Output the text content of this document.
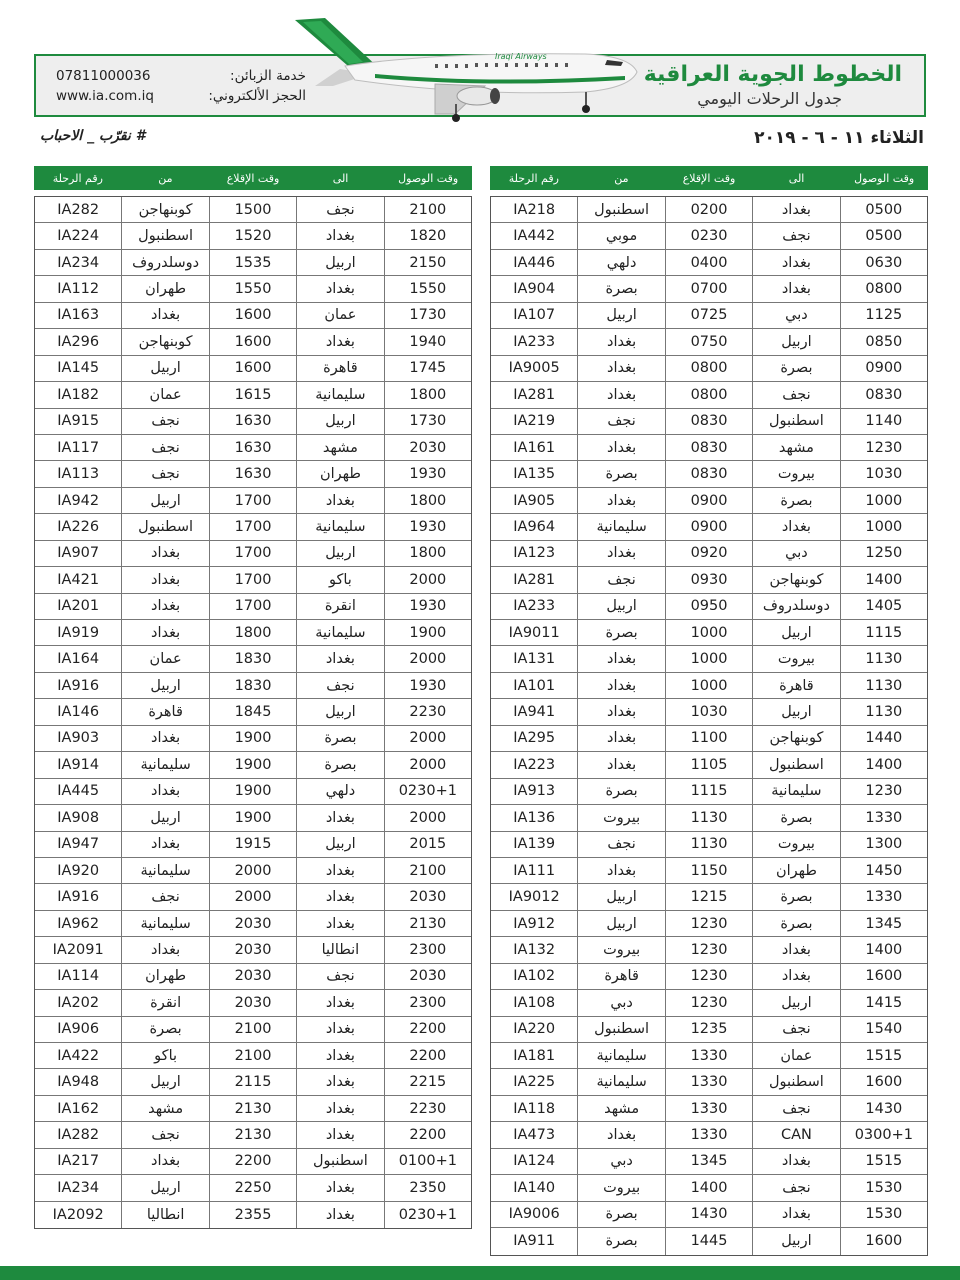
07811000036	خدمة الزبائن:
www.ia.com.iq	الحجز الألكتروني:
الخطوط الجوية العراقية
جدول الرحلات اليومي
Iraqi Airways
الثلاثاء ١١ - ٦ - ٢٠١٩
# نقرّب _ الاحباب
رقم الرحلة	من	وقت الإقلاع	الى	وقت الوصول
IA218	اسطنبول	0200	بغداد	0500
IA442	موبي	0230	نجف	0500
IA446	دلهي	0400	بغداد	0630
IA904	بصرة	0700	بغداد	0800
IA107	اربيل	0725	دبي	1125
IA233	بغداد	0750	اربيل	0850
IA9005	بغداد	0800	بصرة	0900
IA281	بغداد	0800	نجف	0830
IA219	نجف	0830	اسطنبول	1140
IA161	بغداد	0830	مشهد	1230
IA135	بصرة	0830	بيروت	1030
IA905	بغداد	0900	بصرة	1000
IA964	سليمانية	0900	بغداد	1000
IA123	بغداد	0920	دبي	1250
IA281	نجف	0930	كوبنهاجن	1400
IA233	اربيل	0950	دوسلدروف	1405
IA9011	بصرة	1000	اربيل	1115
IA131	بغداد	1000	بيروت	1130
IA101	بغداد	1000	قاهرة	1130
IA941	بغداد	1030	اربيل	1130
IA295	بغداد	1100	كوبنهاجن	1440
IA223	بغداد	1105	اسطنبول	1400
IA913	بصرة	1115	سليمانية	1230
IA136	بيروت	1130	بصرة	1330
IA139	نجف	1130	بيروت	1300
IA111	بغداد	1150	طهران	1450
IA9012	اربيل	1215	بصرة	1330
IA912	اربيل	1230	بصرة	1345
IA132	بيروت	1230	بغداد	1400
IA102	قاهرة	1230	بغداد	1600
IA108	دبي	1230	اربيل	1415
IA220	اسطنبول	1235	نجف	1540
IA181	سليمانية	1330	عمان	1515
IA225	سليمانية	1330	اسطنبول	1600
IA118	مشهد	1330	نجف	1430
IA473	بغداد	1330	CAN	0300+1
IA124	دبي	1345	بغداد	1515
IA140	بيروت	1400	نجف	1530
IA9006	بصرة	1430	بغداد	1530
IA911	بصرة	1445	اربيل	1600
رقم الرحلة	من	وقت الإقلاع	الى	وقت الوصول
IA282	كوبنهاجن	1500	نجف	2100
IA224	اسطنبول	1520	بغداد	1820
IA234	دوسلدروف	1535	اربيل	2150
IA112	طهران	1550	بغداد	1550
IA163	بغداد	1600	عمان	1730
IA296	كوبنهاجن	1600	بغداد	1940
IA145	اربيل	1600	قاهرة	1745
IA182	عمان	1615	سليمانية	1800
IA915	نجف	1630	اربيل	1730
IA117	نجف	1630	مشهد	2030
IA113	نجف	1630	طهران	1930
IA942	اربيل	1700	بغداد	1800
IA226	اسطنبول	1700	سليمانية	1930
IA907	بغداد	1700	اربيل	1800
IA421	بغداد	1700	باكو	2000
IA201	بغداد	1700	انقرة	1930
IA919	بغداد	1800	سليمانية	1900
IA164	عمان	1830	بغداد	2000
IA916	اربيل	1830	نجف	1930
IA146	قاهرة	1845	اربيل	2230
IA903	بغداد	1900	بصرة	2000
IA914	سليمانية	1900	بصرة	2000
IA445	بغداد	1900	دلهي	0230+1
IA908	اربيل	1900	بغداد	2000
IA947	بغداد	1915	اربيل	2015
IA920	سليمانية	2000	بغداد	2100
IA916	نجف	2000	بغداد	2030
IA962	سليمانية	2030	بغداد	2130
IA2091	بغداد	2030	انطاليا	2300
IA114	طهران	2030	نجف	2030
IA202	انقرة	2030	بغداد	2300
IA906	بصرة	2100	بغداد	2200
IA422	باكو	2100	بغداد	2200
IA948	اربيل	2115	بغداد	2215
IA162	مشهد	2130	بغداد	2230
IA282	نجف	2130	بغداد	2200
IA217	بغداد	2200	اسطنبول	0100+1
IA234	اربيل	2250	بغداد	2350
IA2092	انطاليا	2355	بغداد	0230+1
